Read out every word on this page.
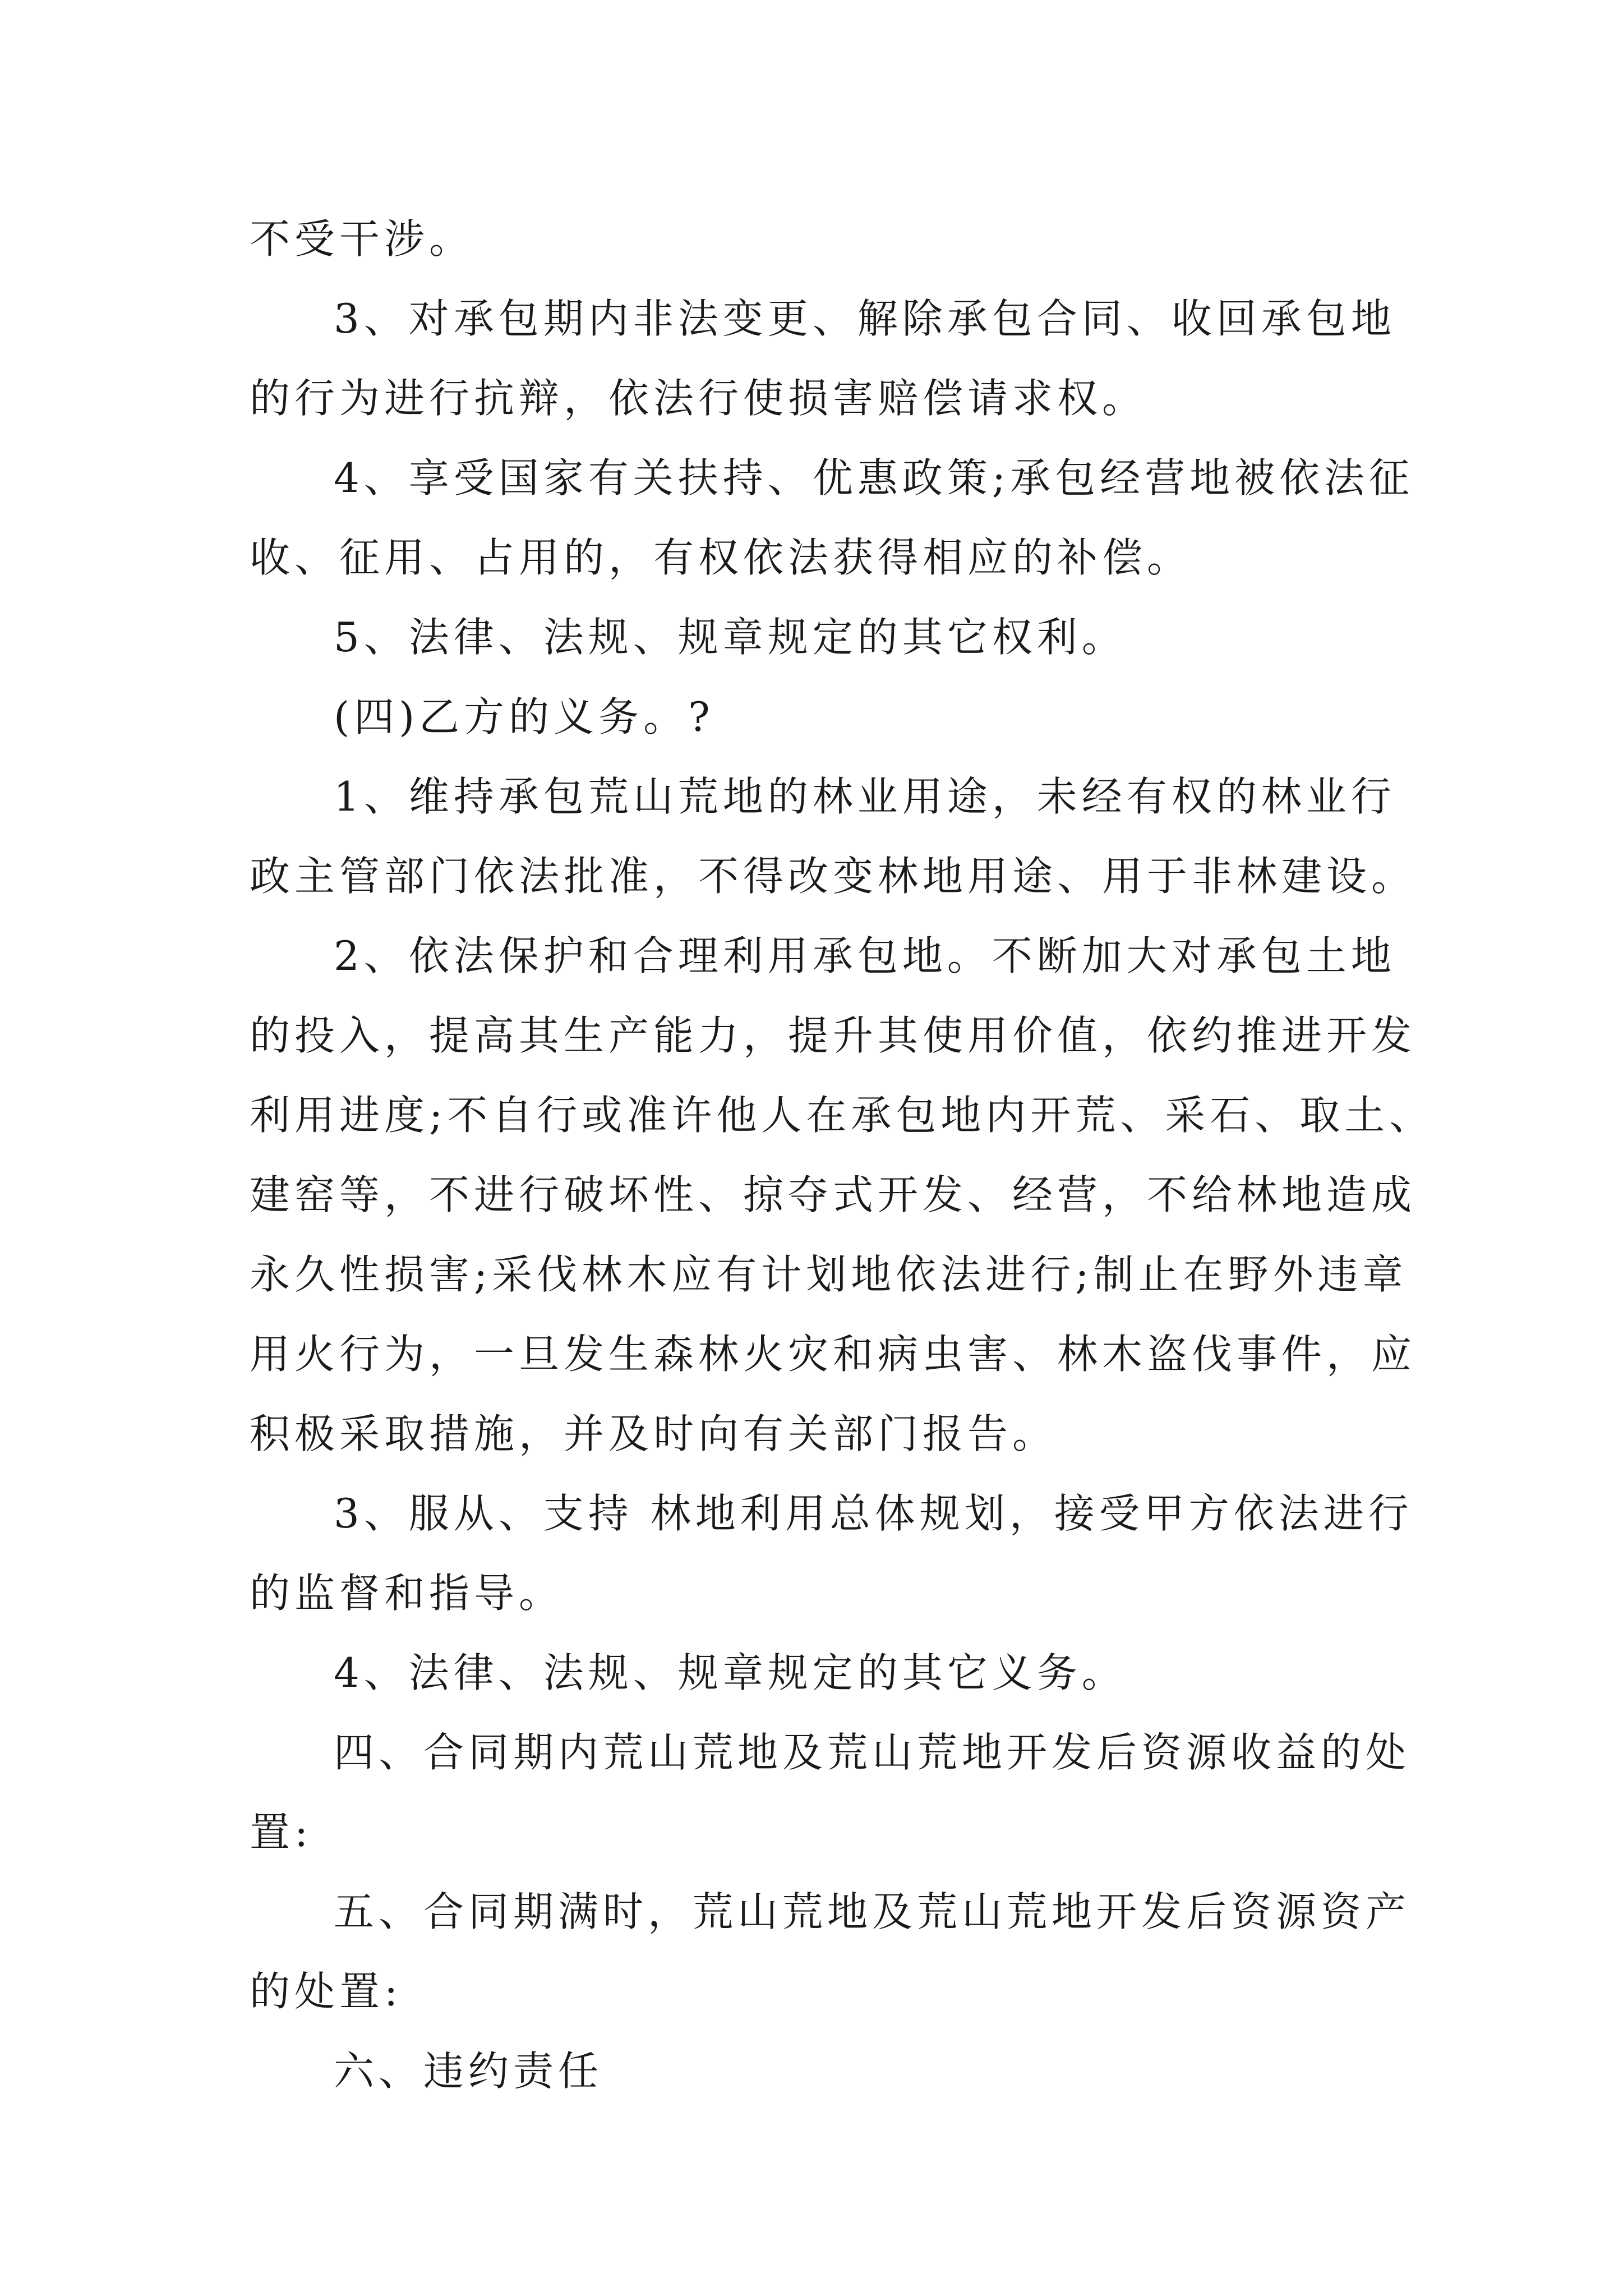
不受干涉。
3、对承包期内非法变更、解除承包合同、收回承包地
的行为进行抗辩，依法行使损害赔偿请求权。
4、享受国家有关扶持、优惠政策;承包经营地被依法征
收、征用、占用的，有权依法获得相应的补偿。
5、法律、法规、规章规定的其它权利。
(四)乙方的义务。?
1、维持承包荒山荒地的林业用途，未经有权的林业行
政主管部门依法批准，不得改变林地用途、用于非林建设。
2、依法保护和合理利用承包地。不断加大对承包土地
的投入，提高其生产能力，提升其使用价值，依约推进开发
利用进度;不自行或准许他人在承包地内开荒、采石、取土、
建窑等，不进行破坏性、掠夺式开发、经营，不给林地造成
永久性损害;采伐林木应有计划地依法进行;制止在野外违章
用火行为，一旦发生森林火灾和病虫害、林木盗伐事件，应
积极采取措施，并及时向有关部门报告。
3、服从、支持 林地利用总体规划，接受甲方依法进行
的监督和指导。
4、法律、法规、规章规定的其它义务。
四、合同期内荒山荒地及荒山荒地开发后资源收益的处
置:
五、合同期满时，荒山荒地及荒山荒地开发后资源资产
的处置:
六、违约责任
